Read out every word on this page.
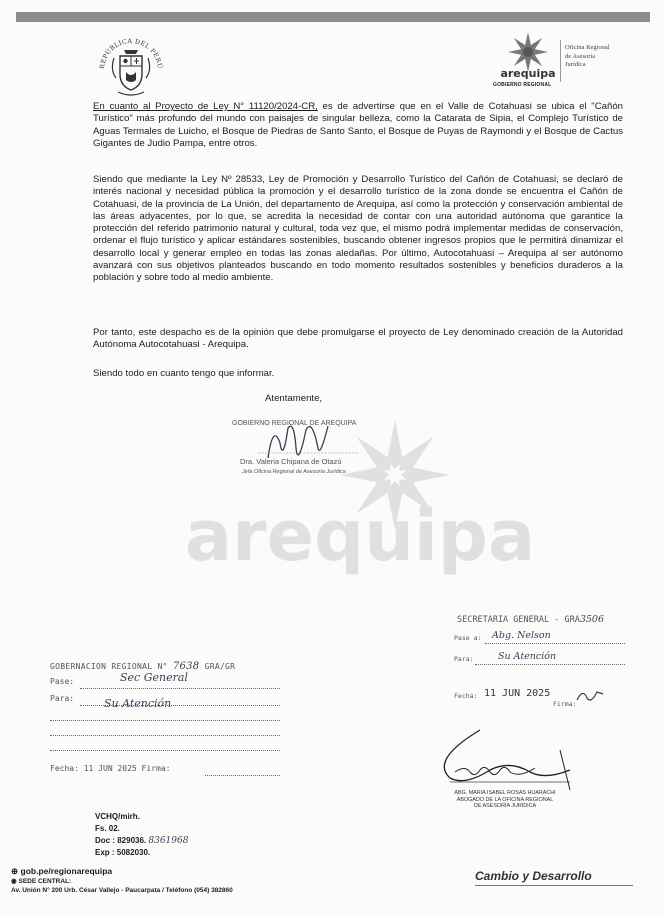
REPÚBLICA DEL PERÚ
arequipa
GOBIERNO REGIONAL
Oficina Regional
de Asesoría
Jurídica
arequipa
En cuanto al Proyecto de Ley N° 11120/2024-CR, es de advertirse que en el Valle de Cotahuasi se ubica el "Cañón Turístico" más profundo del mundo con paisajes de singular belleza, como la Catarata de Sipia, el Complejo Turístico de Aguas Termales de Luicho, el Bosque de Piedras de Santo Santo, el Bosque de Puyas de Raymondi y el Bosque de Cactus Gigantes de Judio Pampa, entre otros.
Siendo que mediante la Ley Nº 28533, Ley de Promoción y Desarrollo Turístico del Cañón de Cotahuasi, se declaró de interés nacional y necesidad pública la promoción y el desarrollo turístico de la zona donde se encuentra el Cañón de Cotahuasi, de la provincia de La Unión, del departamento de Arequipa, así como la protección y conservación ambiental de las áreas adyacentes, por lo que, se acredita la necesidad de contar con una autoridad autónoma que garantice la protección del referido patrimonio natural y cultural, toda vez que, el mismo podrá implementar medidas de conservación, ordenar el flujo turístico y aplicar estándares sostenibles, buscando obtener ingresos propios que le permitirá dinamizar el desarrollo local y generar empleo en todas las zonas aledañas. Por último, Autocotahuasi – Arequipa al ser autónomo avanzará con sus objetivos planteados buscando en todo momento resultados sostenibles y beneficios duraderos a la población y sobre todo al medio ambiente.
Por tanto, este despacho es de la opinión que debe promulgarse el proyecto de Ley denominado creación de la Autoridad Autónoma Autocotahuasi - Arequipa.
Siendo todo en cuanto tengo que informar.
Atentamente,
GOBIERNO REGIONAL DE AREQUIPA
Dra. Valeria Chipana de Otazú
Jefa Oficina Regional de Asesoría Jurídica
GOBERNACION REGIONAL N° 7638 GRA/GR
Pase:	Sec General
Para:	Su Atención
Fecha: 11 JUN 2025 Firma:
SECRETARIA GENERAL - GRA3506
Pase a: Abg. Nelson
Para:	Su Atención
Fecha: 11 JUN 2025
Firma:
ABG. MARIA ISABEL ROSAS HUARACHI
ABOGADO DE LA OFICINA REGIONAL
DE ASESORÍA JURÍDICA
VCHQ/mirh.
Fs. 02.
Doc : 829036. 8361968
Exp : 5082030.
⊕ gob.pe/regionarequipa
◉ SEDE CENTRAL:
Av. Unión N° 200 Urb. César Vallejo - Paucarpata / Teléfono (054) 382860
Cambio y Desarrollo
